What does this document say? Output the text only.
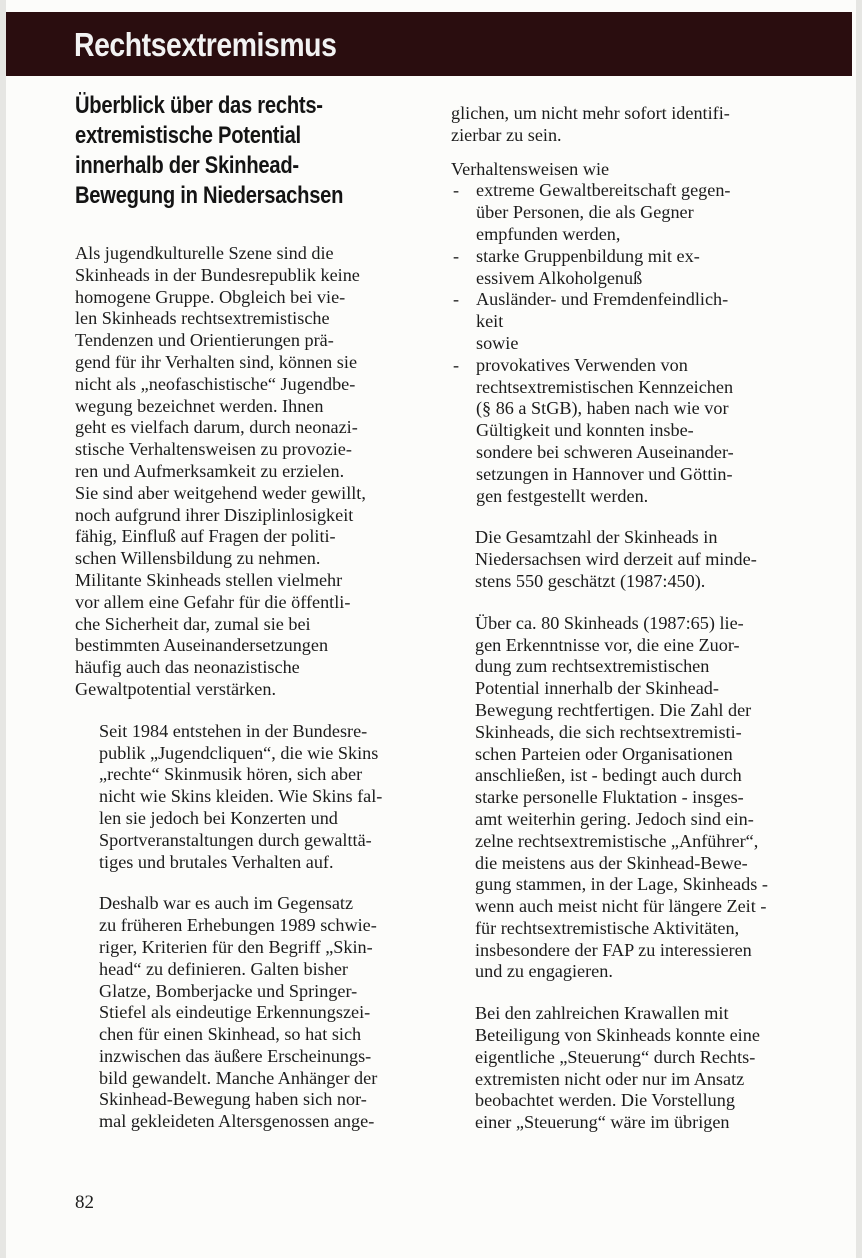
Rechtsextremismus
Überblick über das rechts-
extremistische Potential
innerhalb der Skinhead-
Bewegung in Niedersachsen

Als jugendkulturelle Szene sind die
Skinheads in der Bundesrepublik keine
homogene Gruppe. Obgleich bei vie-
len Skinheads rechtsextremistische
Tendenzen und Orientierungen prä-
gend für ihr Verhalten sind, können sie
nicht als „neofaschistische“ Jugendbe-
wegung bezeichnet werden. Ihnen
geht es vielfach darum, durch neonazi-
stische Verhaltensweisen zu provozie-
ren und Aufmerksamkeit zu erzielen.
Sie sind aber weitgehend weder gewillt,
noch aufgrund ihrer Disziplinlosigkeit
fähig, Einfluß auf Fragen der politi-
schen Willensbildung zu nehmen.
Militante Skinheads stellen vielmehr
vor allem eine Gefahr für die öffentli-
che Sicherheit dar, zumal sie bei
bestimmten Auseinandersetzungen
häufig auch das neonazistische
Gewaltpotential verstärken.

Seit 1984 entstehen in der Bundesre-
publik „Jugendcliquen“, die wie Skins
„rechte“ Skinmusik hören, sich aber
nicht wie Skins kleiden. Wie Skins fal-
len sie jedoch bei Konzerten und
Sportveranstaltungen durch gewalttä-
tiges und brutales Verhalten auf.

Deshalb war es auch im Gegensatz
zu früheren Erhebungen 1989 schwie-
riger, Kriterien für den Begriff „Skin-
head“ zu definieren. Galten bisher
Glatze, Bomberjacke und Springer-
Stiefel als eindeutige Erkennungszei-
chen für einen Skinhead, so hat sich
inzwischen das äußere Erscheinungs-
bild gewandelt. Manche Anhänger der
Skinhead-Bewegung haben sich nor-
mal gekleideten Altersgenossen ange-

glichen, um nicht mehr sofort identifi-
zierbar zu sein.

Verhaltensweisen wie

- extreme Gewaltbereitschaft gegen-
über Personen, die als Gegner
empfunden werden,
- starke Gruppenbildung mit ex-
essivem Alkoholgenuß
- Ausländer- und Fremdenfeindlich-
keit

sowie

- provokatives Verwenden von
rechtsextremistischen Kennzeichen
(§ 86 a StGB), haben nach wie vor
Gültigkeit und konnten insbe-
sondere bei schweren Auseinander-
setzungen in Hannover und Göttin-
gen festgestellt werden.

Die Gesamtzahl der Skinheads in
Niedersachsen wird derzeit auf minde-
stens 550 geschätzt (1987:450).

Über ca. 80 Skinheads (1987:65) lie-
gen Erkenntnisse vor, die eine Zuor-
dung zum rechtsextremistischen
Potential innerhalb der Skinhead-
Bewegung rechtfertigen. Die Zahl der
Skinheads, die sich rechtsextremisti-
schen Parteien oder Organisationen
anschließen, ist - bedingt auch durch
starke personelle Fluktation - insges-
amt weiterhin gering. Jedoch sind ein-
zelne rechtsextremistische „Anführer“,
die meistens aus der Skinhead-Bewe-
gung stammen, in der Lage, Skinheads -
wenn auch meist nicht für längere Zeit -
für rechtsextremistische Aktivitäten,
insbesondere der FAP zu interessieren
und zu engagieren.

Bei den zahlreichen Krawallen mit
Beteiligung von Skinheads konnte eine
eigentliche „Steuerung“ durch Rechts-
extremisten nicht oder nur im Ansatz
beobachtet werden. Die Vorstellung
einer „Steuerung“ wäre im übrigen

82
